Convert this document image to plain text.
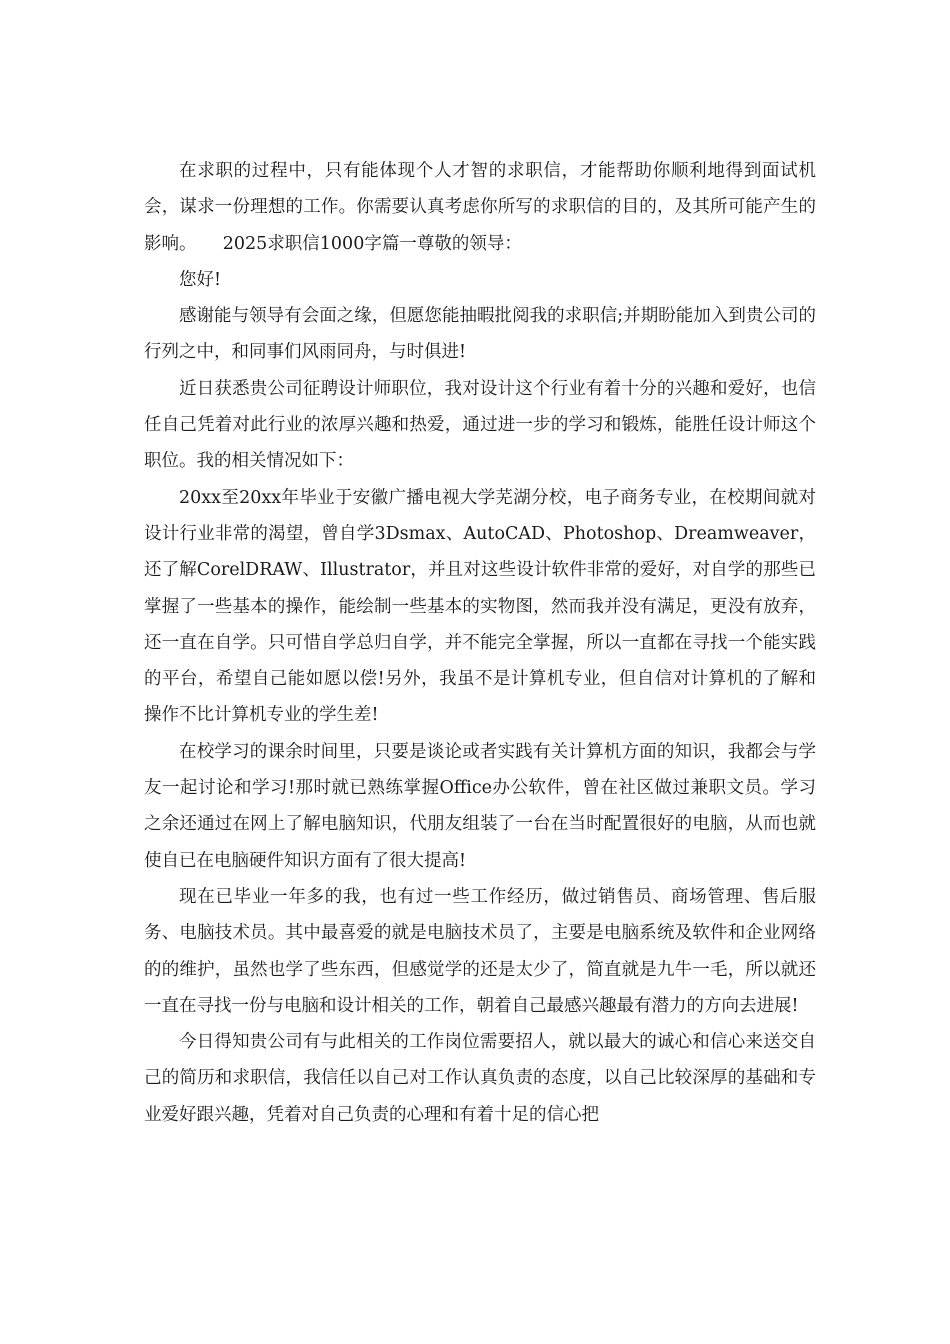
在求职的过程中，只有能体现个人才智的求职信，才能帮助你顺利地得到面试机会，谋求一份理想的工作。你需要认真考虑你所写的求职信的目的，及其所可能产生的影响。　　2025求职信1000字篇一尊敬的领导：

您好!

感谢能与领导有会面之缘，但愿您能抽暇批阅我的求职信;并期盼能加入到贵公司的行列之中，和同事们风雨同舟，与时俱进!

近日获悉贵公司征聘设计师职位，我对设计这个行业有着十分的兴趣和爱好，也信任自己凭着对此行业的浓厚兴趣和热爱，通过进一步的学习和锻炼，能胜任设计师这个职位。我的相关情况如下：

20xx至20xx年毕业于安徽广播电视大学芜湖分校，电子商务专业，在校期间就对设计行业非常的渴望，曾自学3Dsmax、AutoCAD、Photoshop、Dreamweaver，还了解CorelDRAW、Illustrator，并且对这些设计软件非常的爱好，对自学的那些已掌握了一些基本的操作，能绘制一些基本的实物图，然而我并没有满足，更没有放弃，还一直在自学。只可惜自学总归自学，并不能完全掌握，所以一直都在寻找一个能实践的平台，希望自己能如愿以偿!另外，我虽不是计算机专业，但自信对计算机的了解和操作不比计算机专业的学生差!

在校学习的课余时间里，只要是谈论或者实践有关计算机方面的知识，我都会与学友一起讨论和学习!那时就已熟练掌握Office办公软件，曾在社区做过兼职文员。学习之余还通过在网上了解电脑知识，代朋友组装了一台在当时配置很好的电脑，从而也就使自已在电脑硬件知识方面有了很大提高!

现在已毕业一年多的我，也有过一些工作经历，做过销售员、商场管理、售后服务、电脑技术员。其中最喜爱的就是电脑技术员了，主要是电脑系统及软件和企业网络的的维护，虽然也学了些东西，但感觉学的还是太少了，简直就是九牛一毛，所以就还一直在寻找一份与电脑和设计相关的工作，朝着自己最感兴趣最有潜力的方向去进展!

今日得知贵公司有与此相关的工作岗位需要招人，就以最大的诚心和信心来送交自己的简历和求职信，我信任以自己对工作认真负责的态度，以自己比较深厚的基础和专业爱好跟兴趣，凭着对自己负责的心理和有着十足的信心把
